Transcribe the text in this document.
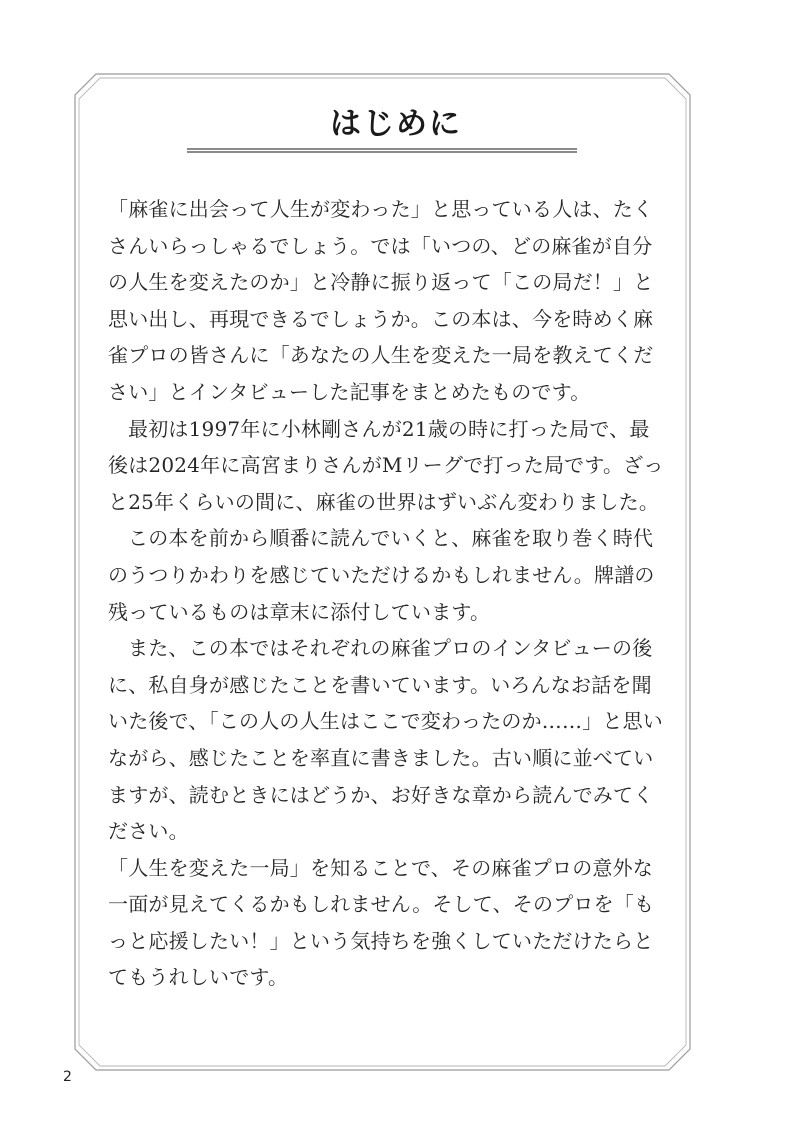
はじめに

「麻雀に出会って人生が変わった」と思っている人は、たくさんいらっしゃるでしょう。では「いつの、どの麻雀が自分の人生を変えたのか」と冷静に振り返って「この局だ！」と思い出し、再現できるでしょうか。この本は、今を時めく麻雀プロの皆さんに「あなたの人生を変えた一局を教えてください」とインタビューした記事をまとめたものです。

最初は1997年に小林剛さんが21歳の時に打った局で、最後は2024年に高宮まりさんがMリーグで打った局です。ざっと25年くらいの間に、麻雀の世界はずいぶん変わりました。

この本を前から順番に読んでいくと、麻雀を取り巻く時代のうつりかわりを感じていただけるかもしれません。牌譜の残っているものは章末に添付しています。

また、この本ではそれぞれの麻雀プロのインタビューの後に、私自身が感じたことを書いています。いろんなお話を聞いた後で、「この人の人生はここで変わったのか……」と思いながら、感じたことを率直に書きました。古い順に並べていますが、読むときにはどうか、お好きな章から読んでみてください。

「人生を変えた一局」を知ることで、その麻雀プロの意外な一面が見えてくるかもしれません。そして、そのプロを「もっと応援したい！」という気持ちを強くしていただけたらとてもうれしいです。

2
